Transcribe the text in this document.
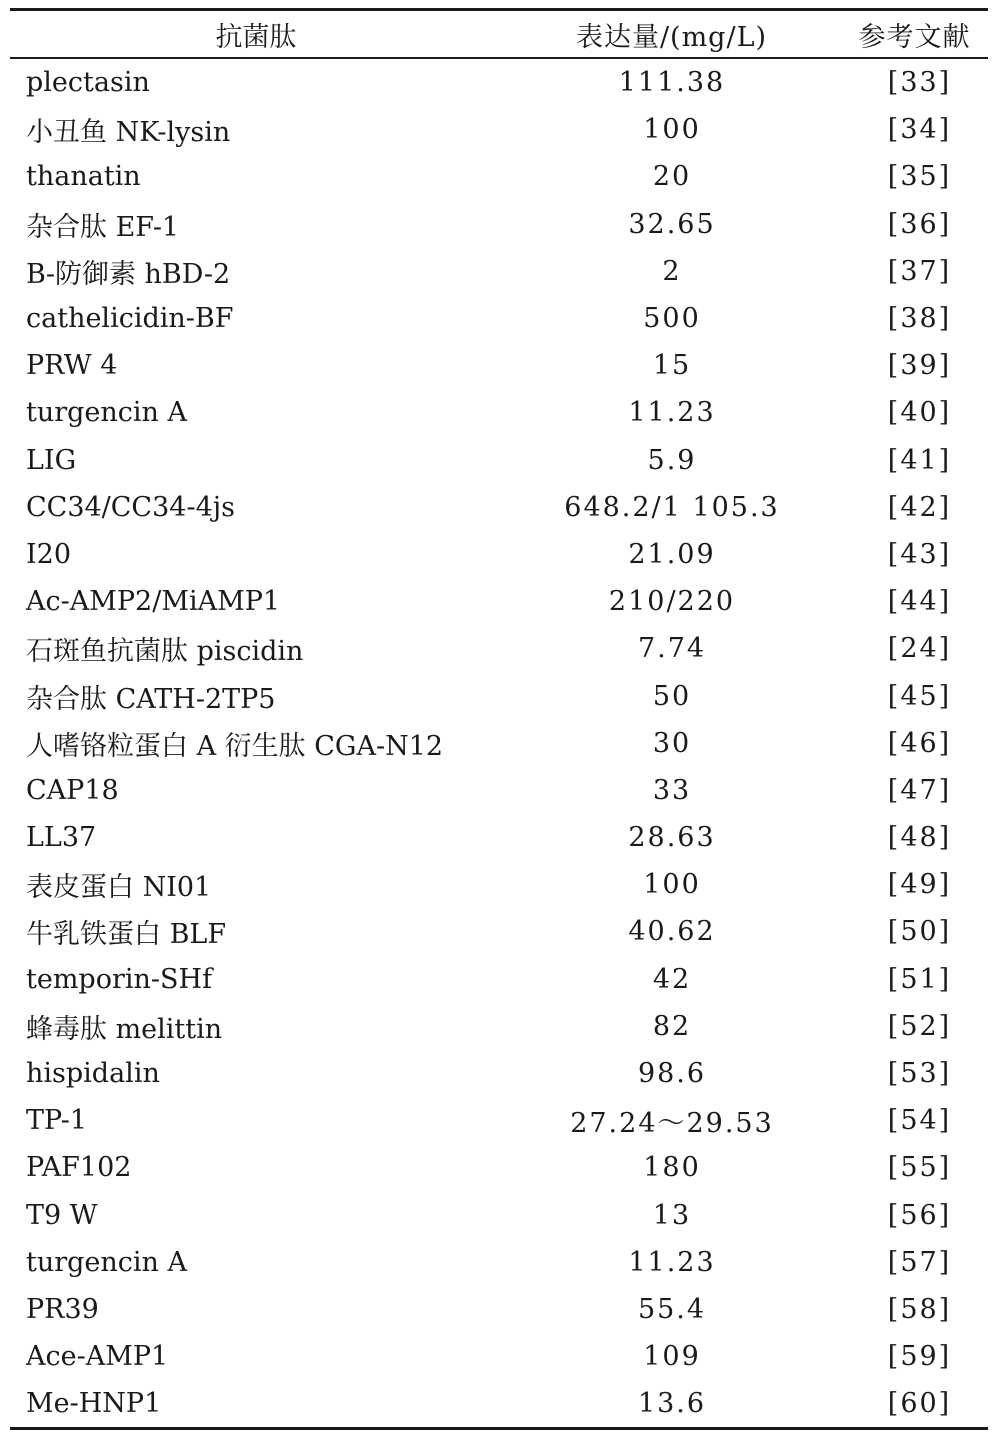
抗菌肽	表达量/(mg/L)	参考文献
plectasin	111.38	[33]
小丑鱼 NK-lysin	100	[34]
thanatin	20	[35]
杂合肽 EF-1	32.65	[36]
Β-防御素 hBD-2	2	[37]
cathelicidin-BF	500	[38]
PRW 4	15	[39]
turgencin A	11.23	[40]
LIG	5.9	[41]
CC34/CC34-4js	648.2/1 105.3	[42]
I20	21.09	[43]
Ac-AMP2/MiAMP1	210/220	[44]
石斑鱼抗菌肽 piscidin	7.74	[24]
杂合肽 CATH-2TP5	50	[45]
人嗜铬粒蛋白 A 衍生肽 CGA-N12	30	[46]
CAP18	33	[47]
LL37	28.63	[48]
表皮蛋白 NI01	100	[49]
牛乳铁蛋白 BLF	40.62	[50]
temporin-SHf	42	[51]
蜂毒肽 melittin	82	[52]
hispidalin	98.6	[53]
TP-1	27.24～29.53	[54]
PAF102	180	[55]
T9 W	13	[56]
turgencin A	11.23	[57]
PR39	55.4	[58]
Ace-AMP1	109	[59]
Me-HNP1	13.6	[60]
